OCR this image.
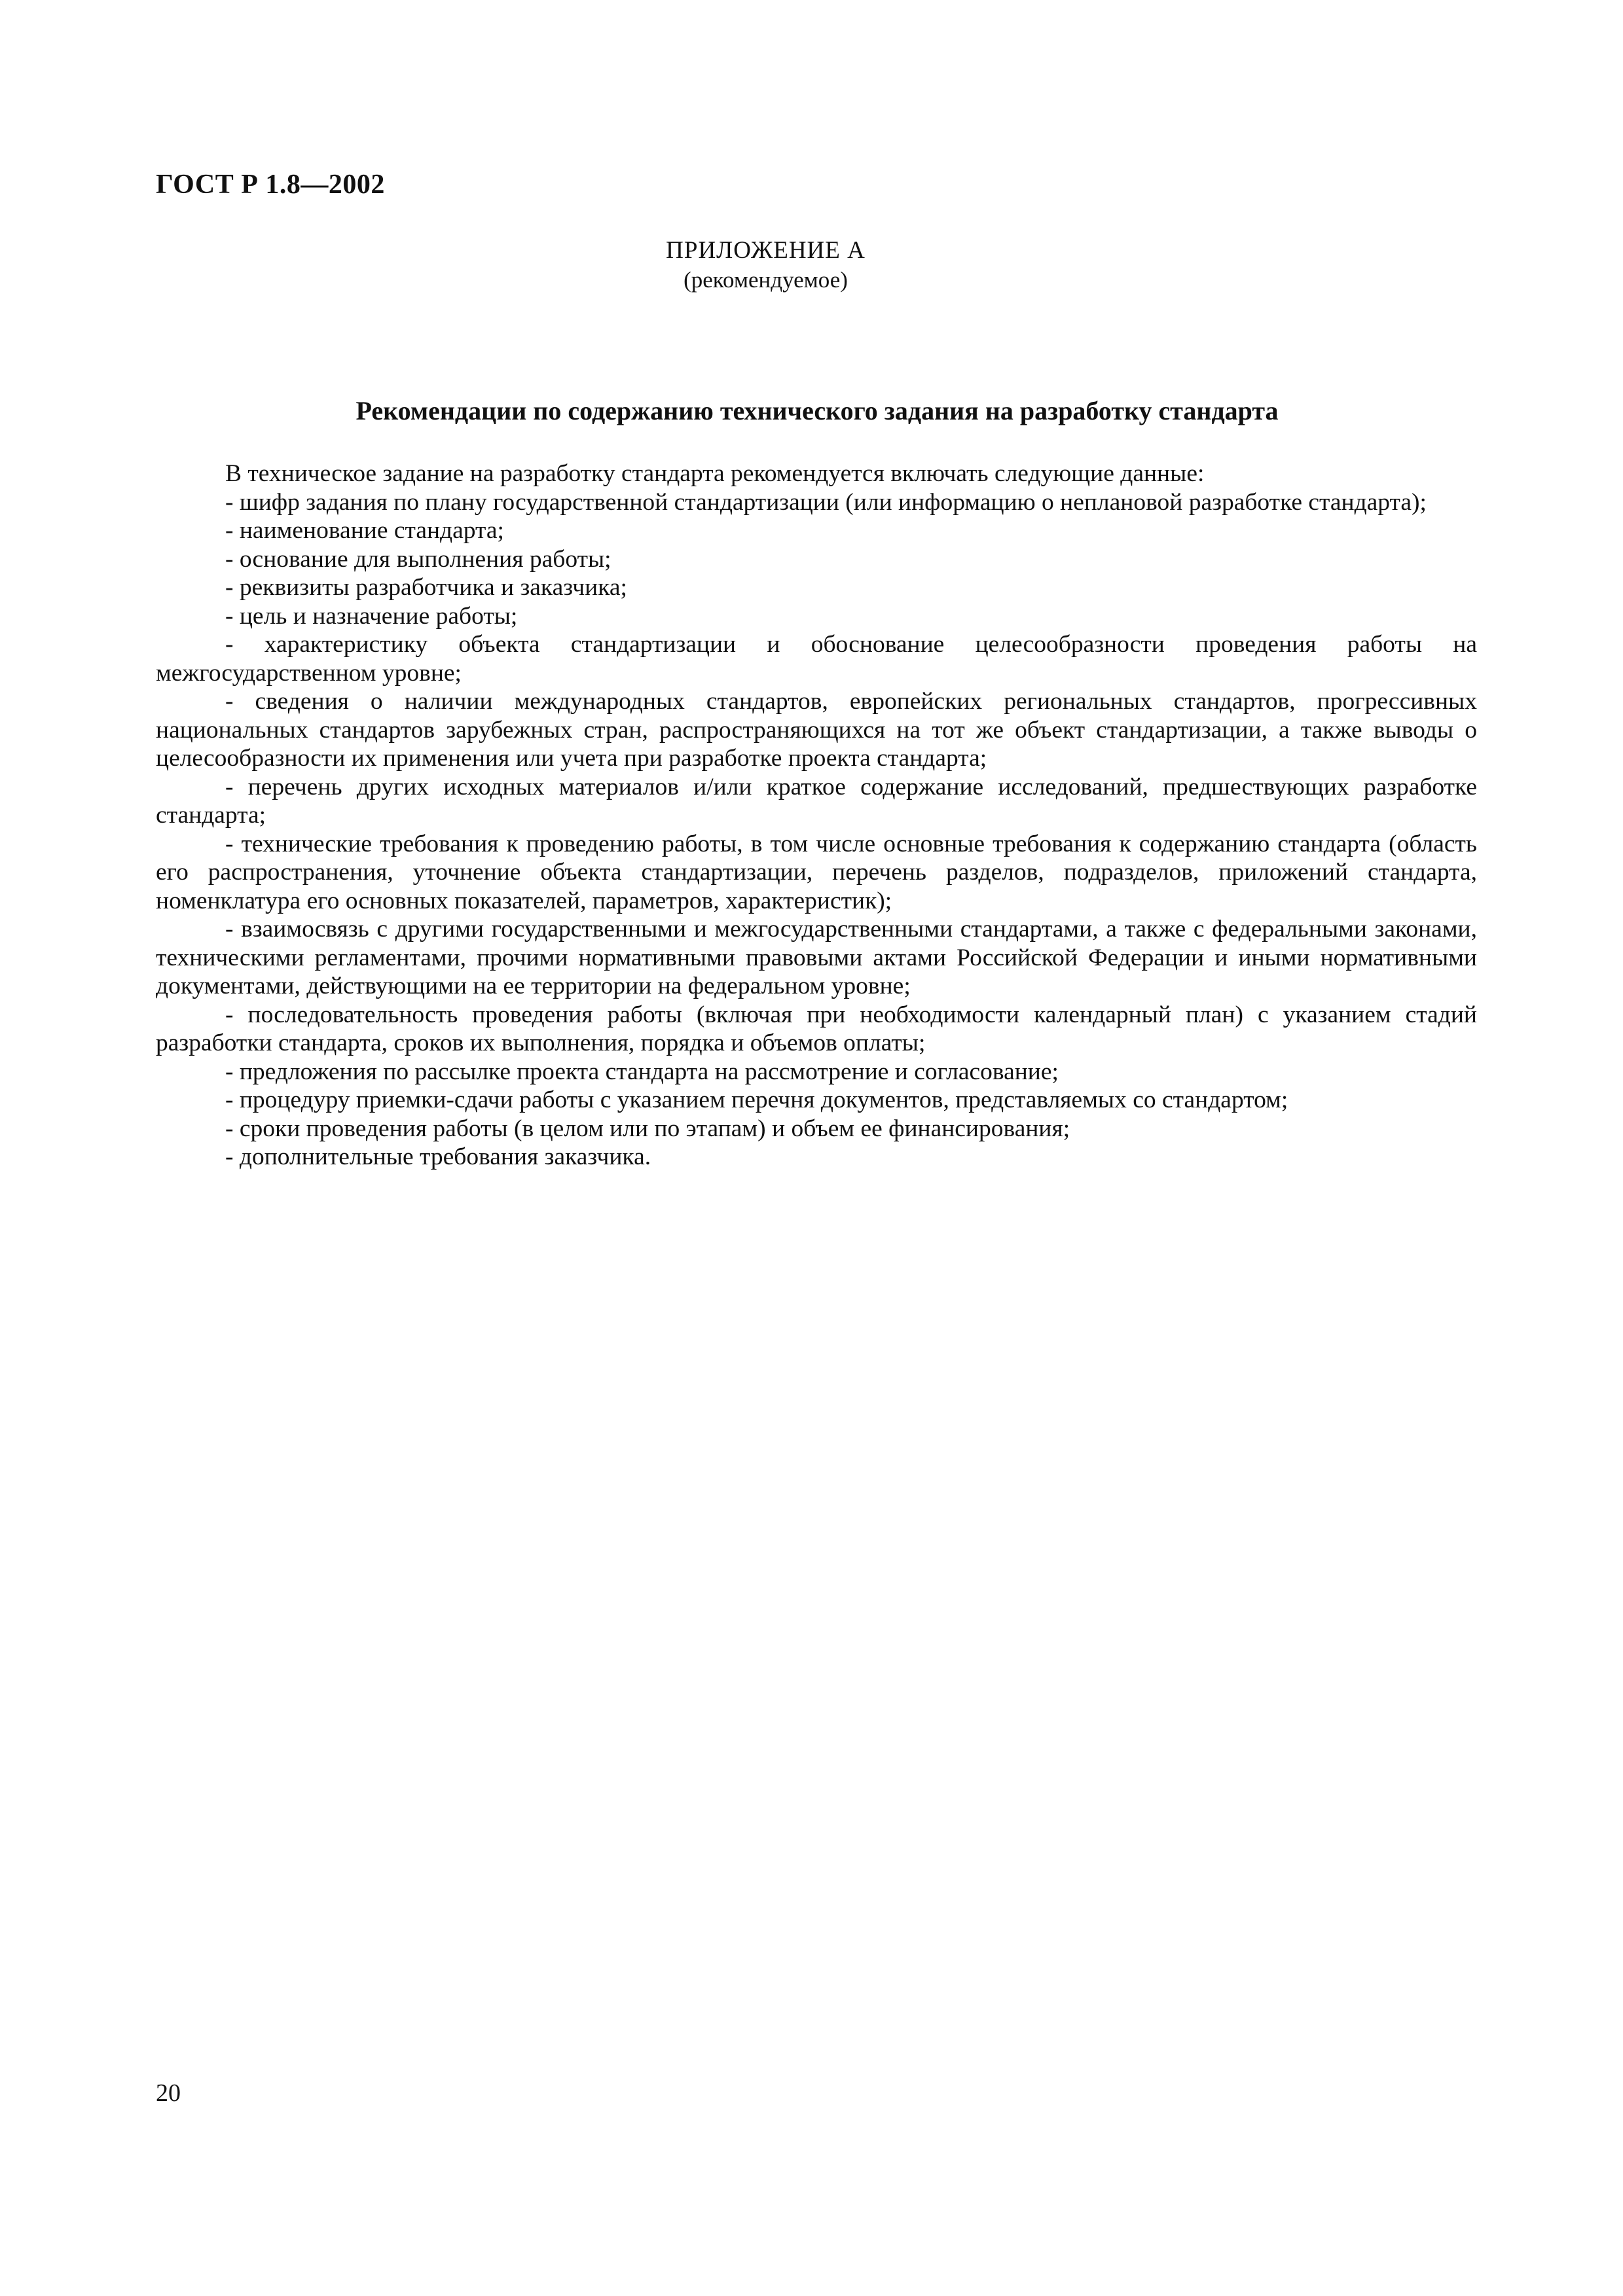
ГОСТ Р 1.8—2002
ПРИЛОЖЕНИЕ А
(рекомендуемое)
Рекомендации по содержанию технического задания на разработку стандарта

В техническое задание на разработку стандарта рекомендуется включать следующие данные:

- шифр задания по плану государственной стандартизации (или информацию о неплановой разработке стандарта);

- наименование стандарта;

- основание для выполнения работы;

- реквизиты разработчика и заказчика;

- цель и назначение работы;

- характеристику объекта стандартизации и обоснование целесообразности проведения работы на межгосударственном уровне;

- сведения о наличии международных стандартов, европейских региональных стандартов, прогрессивных национальных стандартов зарубежных стран, распространяющихся на тот же объект стандартизации, а также выводы о целесообразности их применения или учета при разработке проекта стандарта;

- перечень других исходных материалов и/или краткое содержание исследований, предшествующих разработке стандарта;

- технические требования к проведению работы, в том числе основные требования к содержанию стандарта (область его распространения, уточнение объекта стандартизации, перечень разделов, подразделов, приложений стандарта, номенклатура его основных показателей, параметров, характеристик);

- взаимосвязь с другими государственными и межгосударственными стандартами, а также с федеральными законами, техническими регламентами, прочими нормативными правовыми актами Российской Федерации и иными нормативными документами, действующими на ее территории на федеральном уровне;

- последовательность проведения работы (включая при необходимости календарный план) с указанием стадий разработки стандарта, сроков их выполнения, порядка и объемов оплаты;

- предложения по рассылке проекта стандарта на рассмотрение и согласование;

- процедуру приемки-сдачи работы с указанием перечня документов, представляемых со стандартом;

- сроки проведения работы (в целом или по этапам) и объем ее финансирования;

- дополнительные требования заказчика.

20
